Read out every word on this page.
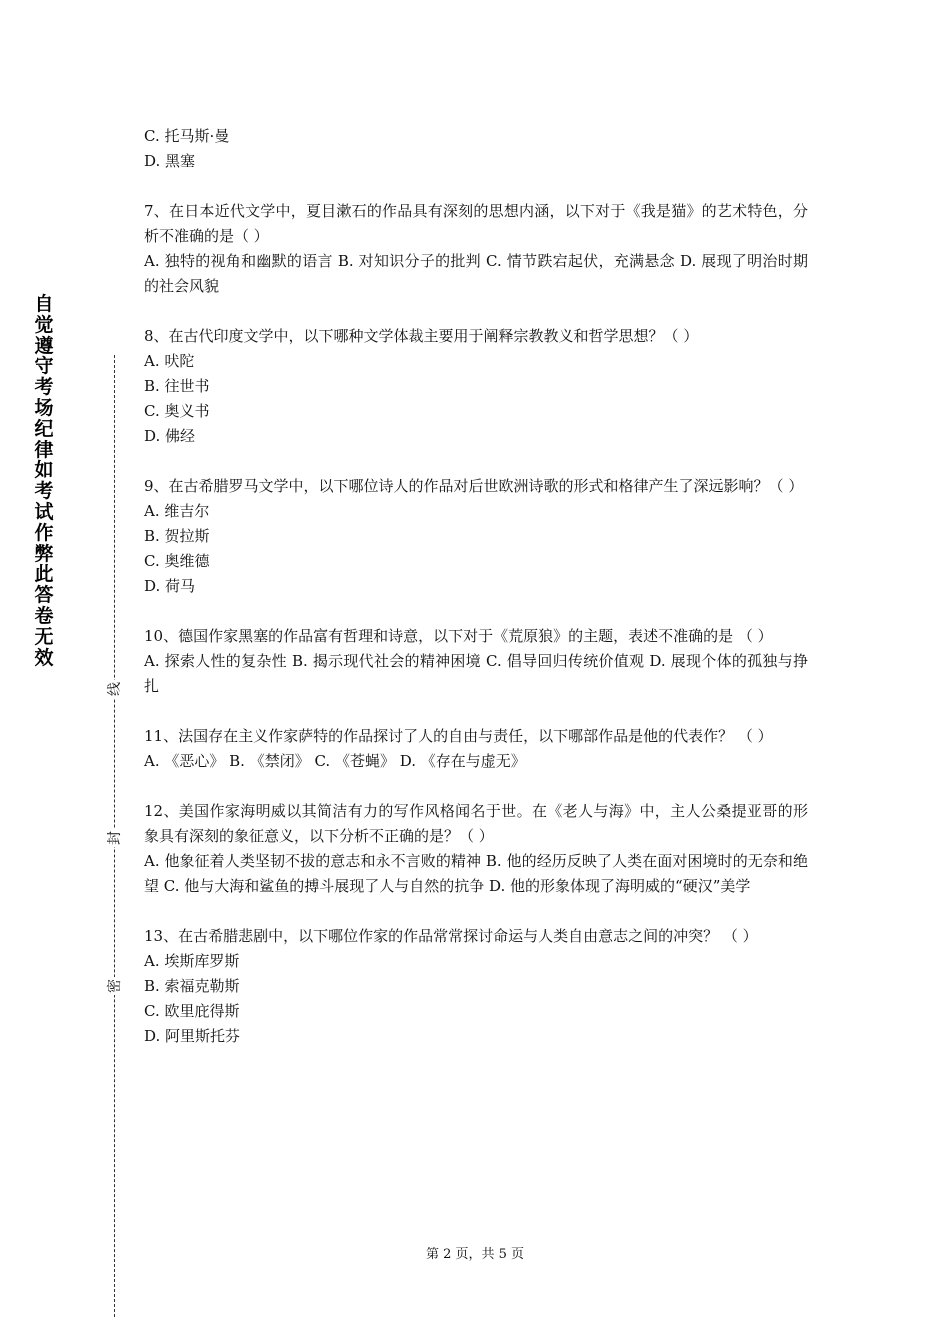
自觉遵守考场纪律如考试作弊此答卷无效
线
封
密
C. 托马斯·曼
D. 黑塞
7、在日本近代文学中，夏目漱石的作品具有深刻的思想内涵，以下对于《我是猫》的艺术特色，分析不准确的是（ ）
A. 独特的视角和幽默的语言 B. 对知识分子的批判 C. 情节跌宕起伏，充满悬念 D. 展现了明治时期的社会风貌
8、在古代印度文学中，以下哪种文学体裁主要用于阐释宗教教义和哲学思想？（ ）
A. 吠陀
B. 往世书
C. 奥义书
D. 佛经
9、在古希腊罗马文学中，以下哪位诗人的作品对后世欧洲诗歌的形式和格律产生了深远影响？（ ）
A. 维吉尔
B. 贺拉斯
C. 奥维德
D. 荷马
10、德国作家黑塞的作品富有哲理和诗意，以下对于《荒原狼》的主题，表述不准确的是 （ ）
A. 探索人性的复杂性 B. 揭示现代社会的精神困境 C. 倡导回归传统价值观 D. 展现个体的孤独与挣扎
11、法国存在主义作家萨特的作品探讨了人的自由与责任，以下哪部作品是他的代表作？ （ ）
A. 《恶心》 B. 《禁闭》 C. 《苍蝇》 D. 《存在与虚无》
12、美国作家海明威以其简洁有力的写作风格闻名于世。在《老人与海》中，主人公桑提亚哥的形象具有深刻的象征意义，以下分析不正确的是？（ ）
A. 他象征着人类坚韧不拔的意志和永不言败的精神 B. 他的经历反映了人类在面对困境时的无奈和绝望 C. 他与大海和鲨鱼的搏斗展现了人与自然的抗争 D. 他的形象体现了海明威的“硬汉”美学
13、在古希腊悲剧中，以下哪位作家的作品常常探讨命运与人类自由意志之间的冲突？ （ ）
A. 埃斯库罗斯
B. 索福克勒斯
C. 欧里庇得斯
D. 阿里斯托芬
第 2 页，共 5 页
